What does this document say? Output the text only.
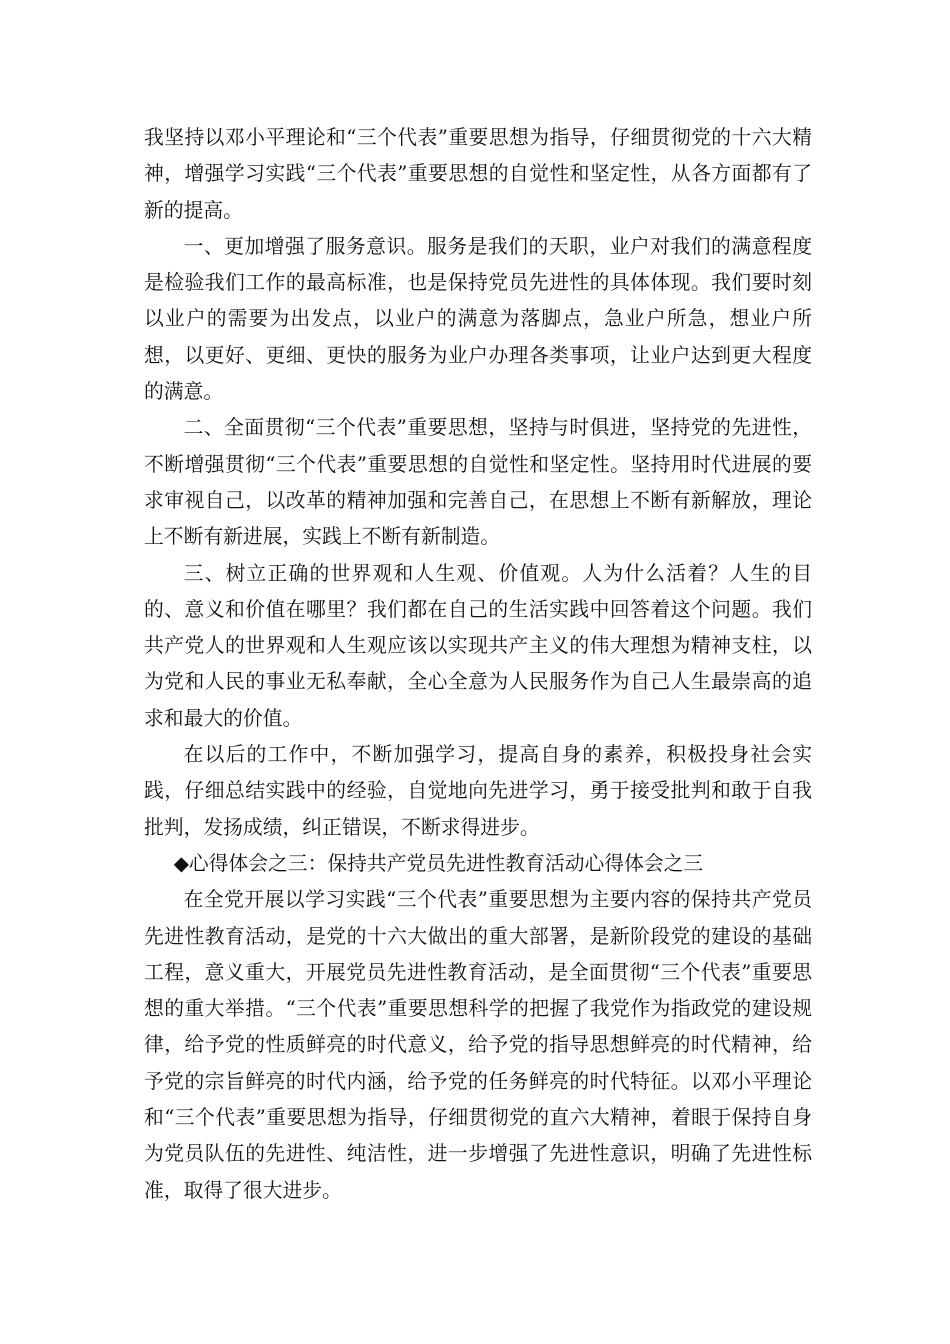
我坚持以邓小平理论和“三个代表”重要思想为指导，仔细贯彻党的十六大精神，增强学习实践“三个代表”重要思想的自觉性和坚定性，从各方面都有了新的提高。

一、更加增强了服务意识。服务是我们的天职，业户对我们的满意程度是检验我们工作的最高标准，也是保持党员先进性的具体体现。我们要时刻以业户的需要为出发点，以业户的满意为落脚点，急业户所急，想业户所想，以更好、更细、更快的服务为业户办理各类事项，让业户达到更大程度的满意。

二、全面贯彻“三个代表”重要思想，坚持与时俱进，坚持党的先进性，不断增强贯彻“三个代表”重要思想的自觉性和坚定性。坚持用时代进展的要求审视自己，以改革的精神加强和完善自己，在思想上不断有新解放，理论上不断有新进展，实践上不断有新制造。

三、树立正确的世界观和人生观、价值观。人为什么活着？人生的目的、意义和价值在哪里？我们都在自己的生活实践中回答着这个问题。我们共产党人的世界观和人生观应该以实现共产主义的伟大理想为精神支柱，以为党和人民的事业无私奉献，全心全意为人民服务作为自己人生最崇高的追求和最大的价值。

在以后的工作中，不断加强学习，提高自身的素养，积极投身社会实践，仔细总结实践中的经验，自觉地向先进学习，勇于接受批判和敢于自我批判，发扬成绩，纠正错误，不断求得进步。

◆心得体会之三：保持共产党员先进性教育活动心得体会之三

在全党开展以学习实践“三个代表”重要思想为主要内容的保持共产党员先进性教育活动，是党的十六大做出的重大部署，是新阶段党的建设的基础工程，意义重大，开展党员先进性教育活动，是全面贯彻“三个代表”重要思想的重大举措。“三个代表”重要思想科学的把握了我党作为指政党的建设规律，给予党的性质鲜亮的时代意义，给予党的指导思想鲜亮的时代精神，给予党的宗旨鲜亮的时代内涵，给予党的任务鲜亮的时代特征。以邓小平理论和“三个代表”重要思想为指导，仔细贯彻党的直六大精神，着眼于保持自身为党员队伍的先进性、纯洁性，进一步增强了先进性意识，明确了先进性标准，取得了很大进步。
